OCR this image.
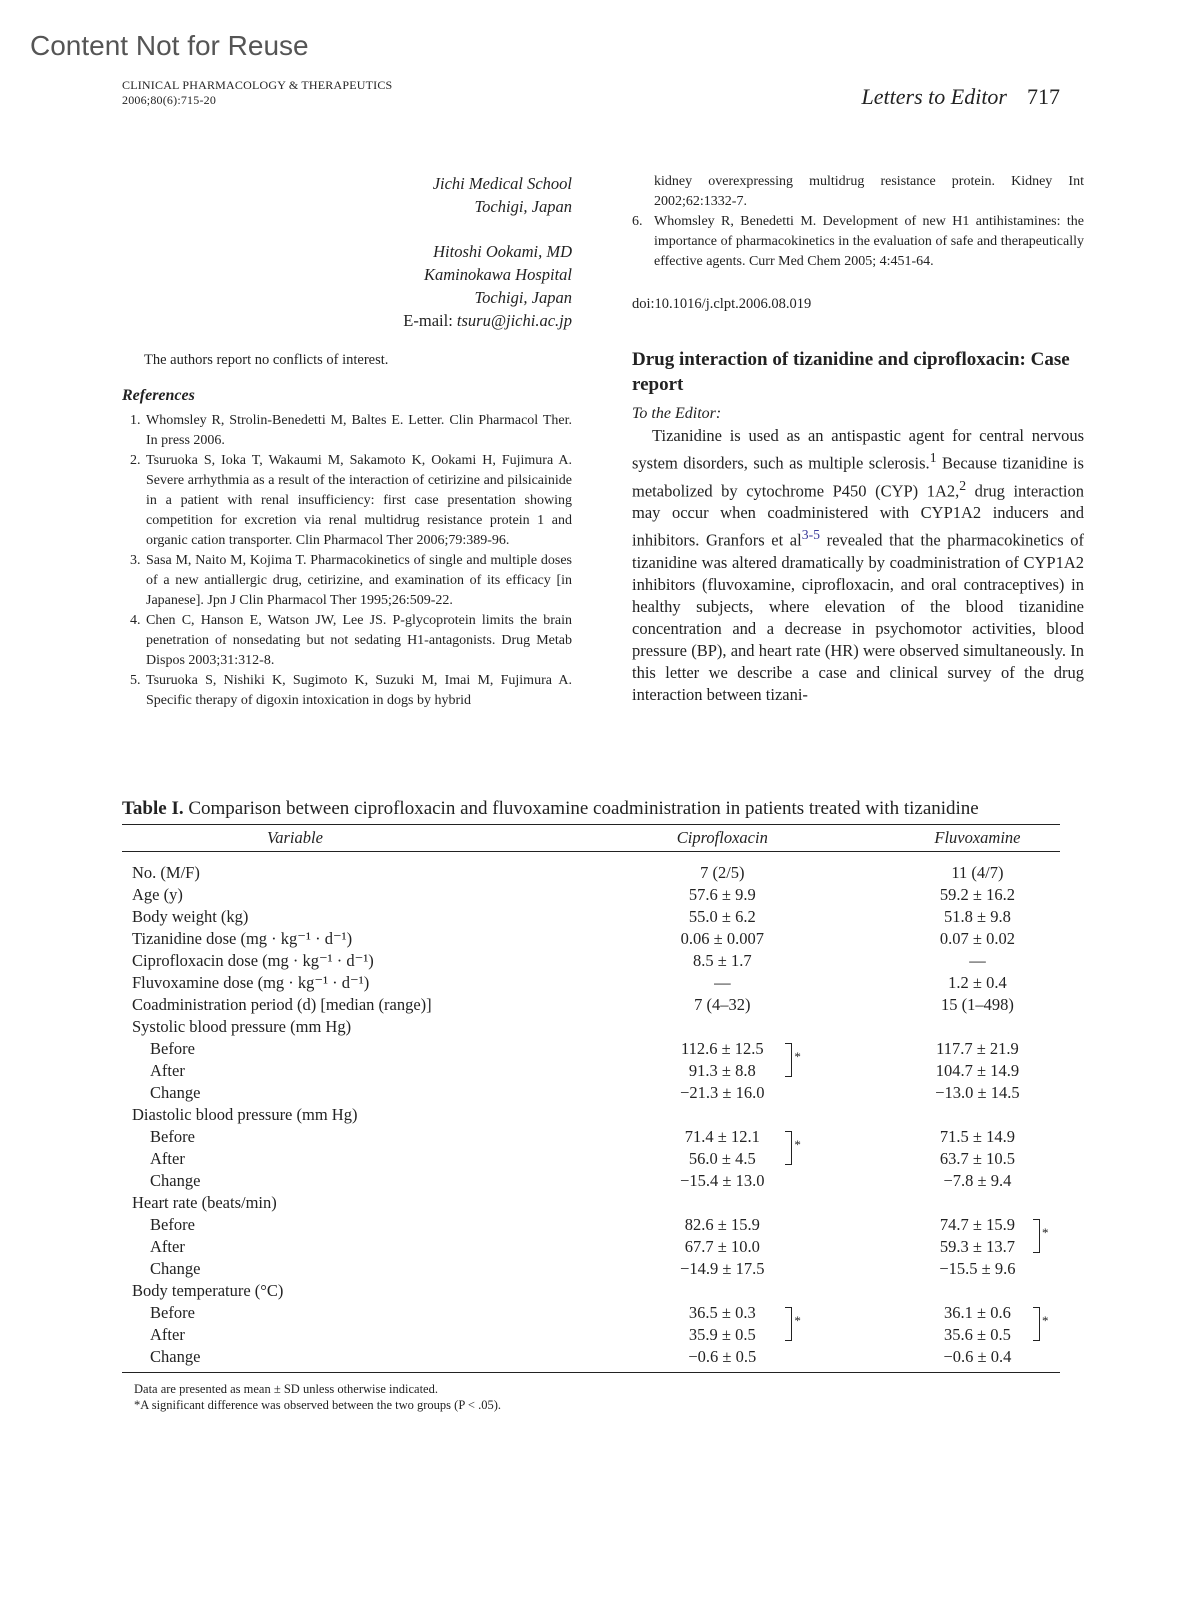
Content Not for Reuse
CLINICAL PHARMACOLOGY & THERAPEUTICS
2006;80(6):715-20	Letters to Editor 717

Jichi Medical School

Tochigi, Japan

Hitoshi Ookami, MD

Kaminokawa Hospital

Tochigi, Japan

E-mail: tsuru@jichi.ac.jp

The authors report no conflicts of interest.
References
1. Whomsley R, Strolin-Benedetti M, Baltes E. Letter. Clin Pharmacol Ther. In press 2006.
2. Tsuruoka S, Ioka T, Wakaumi M, Sakamoto K, Ookami H, Fujimura A. Severe arrhythmia as a result of the interaction of cetirizine and pilsicainide in a patient with renal insufficiency: first case presentation showing competition for excretion via renal multidrug resistance protein 1 and organic cation transporter. Clin Pharmacol Ther 2006;79:389-96.
3. Sasa M, Naito M, Kojima T. Pharmacokinetics of single and multiple doses of a new antiallergic drug, cetirizine, and examination of its efficacy [in Japanese]. Jpn J Clin Pharmacol Ther 1995;26:509-22.
4. Chen C, Hanson E, Watson JW, Lee JS. P-glycoprotein limits the brain penetration of nonsedating but not sedating H1-antagonists. Drug Metab Dispos 2003;31:312-8.
5. Tsuruoka S, Nishiki K, Sugimoto K, Suzuki M, Imai M, Fujimura A. Specific therapy of digoxin intoxication in dogs by hybrid
kidney overexpressing multidrug resistance protein. Kidney Int 2002;62:1332-7.
6. Whomsley R, Benedetti M. Development of new H1 antihistamines: the importance of pharmacokinetics in the evaluation of safe and therapeutically effective agents. Curr Med Chem 2005; 4:451-64.
doi:10.1016/j.clpt.2006.08.019
Drug interaction of tizanidine and ciprofloxacin: Case report
To the Editor:

Tizanidine is used as an antispastic agent for central nervous system disorders, such as multiple sclerosis.$^1$ Because tizanidine is metabolized by cytochrome P450 (CYP) 1A2,$^2$ drug interaction may occur when coadministered with CYP1A2 inducers and inhibitors. Granfors et $al^{3-5}$ revealed that the pharmacokinetics of tizanidine was altered dramatically by coadministration of CYP1A2 inhibitors (fluvoxamine, ciprofloxacin, and oral contraceptives) in healthy subjects, where elevation of the blood tizanidine concentration and a decrease in psychomotor activities, blood pressure (BP), and heart rate (HR) were observed simultaneously. In this letter we describe a case and clinical survey of the drug interaction between tizani-

Table I. Comparison between ciprofloxacin and fluvoxamine coadministration in patients treated with tizanidine
Variable	Ciprofloxacin	Fluvoxamine
No. (M/F)	7 (2/5)	11 (4/7)
Age (y)	57.6 ± 9.9	59.2 ± 16.2
Body weight (kg)	55.0 ± 6.2	51.8 ± 9.8
Tizanidine dose (mg · kg⁻¹ · d⁻¹)	0.06 ± 0.007	0.07 ± 0.02
Ciprofloxacin dose (mg · kg⁻¹ · d⁻¹)	8.5 ± 1.7	—
Fluvoxamine dose (mg · kg⁻¹ · d⁻¹)	—	1.2 ± 0.4
Coadministration period (d) [median (range)]	7 (4–32)	15 (1–498)
Systolic blood pressure (mm Hg)		
Before	112.6 ± 12.5 *	117.7 ± 21.9
After	91.3 ± 8.8	104.7 ± 14.9
Change	−21.3 ± 16.0	−13.0 ± 14.5
Diastolic blood pressure (mm Hg)		
Before	71.4 ± 12.1 *	71.5 ± 14.9
After	56.0 ± 4.5	63.7 ± 10.5
Change	−15.4 ± 13.0	−7.8 ± 9.4
Heart rate (beats/min)		
Before	82.6 ± 15.9	74.7 ± 15.9 *

After	67.7 ± 10.0	59.3 ± 13.7
Change	−14.9 ± 17.5	−15.5 ± 9.6
Body temperature (°C)		
Before	36.5 ± 0.3 *	36.1 ± 0.6 *

After	35.9 ± 0.5	35.6 ± 0.5
Change	−0.6 ± 0.5	−0.6 ± 0.4
Data are presented as mean ± SD unless otherwise indicated.
*A significant difference was observed between the two groups (P < .05).
